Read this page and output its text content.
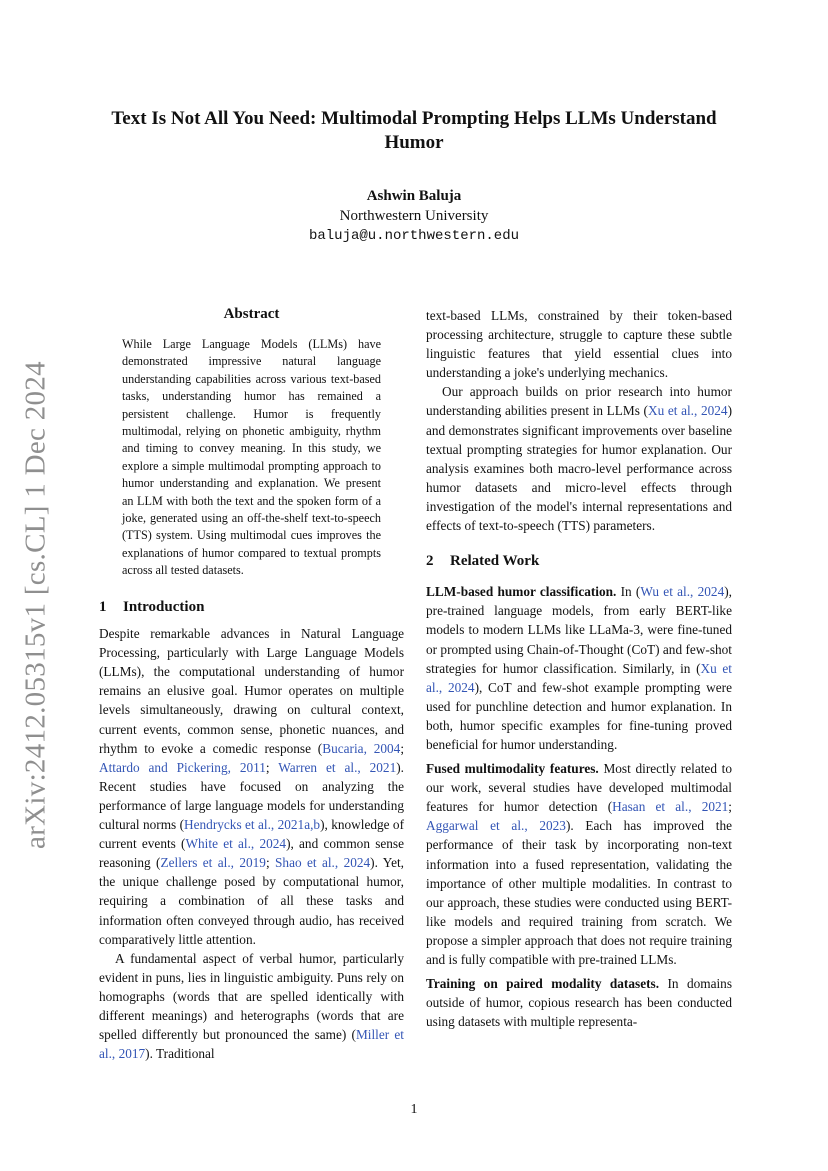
arXiv:2412.05315v1 [cs.CL] 1 Dec 2024
Text Is Not All You Need: Multimodal Prompting Helps LLMs Understand Humor
Ashwin Baluja
Northwestern University
baluja@u.northwestern.edu
Abstract
While Large Language Models (LLMs) have demonstrated impressive natural language understanding capabilities across various text-based tasks, understanding humor has remained a persistent challenge. Humor is frequently multimodal, relying on phonetic ambiguity, rhythm and timing to convey meaning. In this study, we explore a simple multimodal prompting approach to humor understanding and explanation. We present an LLM with both the text and the spoken form of a joke, generated using an off-the-shelf text-to-speech (TTS) system. Using multimodal cues improves the explanations of humor compared to textual prompts across all tested datasets.
1 Introduction

Despite remarkable advances in Natural Language Processing, particularly with Large Language Models (LLMs), the computational understanding of humor remains an elusive goal. Humor operates on multiple levels simultaneously, drawing on cultural context, current events, common sense, phonetic nuances, and rhythm to evoke a comedic response (Bucaria, 2004; Attardo and Pickering, 2011; Warren et al., 2021). Recent studies have focused on analyzing the performance of large language models for understanding cultural norms (Hendrycks et al., 2021a,b), knowledge of current events (White et al., 2024), and common sense reasoning (Zellers et al., 2019; Shao et al., 2024). Yet, the unique challenge posed by computational humor, requiring a combination of all these tasks and information often conveyed through audio, has received comparatively little attention.

A fundamental aspect of verbal humor, particularly evident in puns, lies in linguistic ambiguity. Puns rely on homographs (words that are spelled identically with different meanings) and heterographs (words that are spelled differently but pronounced the same) (Miller et al., 2017). Traditional

text-based LLMs, constrained by their token-based processing architecture, struggle to capture these subtle linguistic features that yield essential clues into understanding a joke's underlying mechanics.

Our approach builds on prior research into humor understanding abilities present in LLMs (Xu et al., 2024) and demonstrates significant improvements over baseline textual prompting strategies for humor explanation. Our analysis examines both macro-level performance across humor datasets and micro-level effects through investigation of the model's internal representations and effects of text-to-speech (TTS) parameters.

2 Related Work

LLM-based humor classification. In (Wu et al., 2024), pre-trained language models, from early BERT-like models to modern LLMs like LLaMa-3, were fine-tuned or prompted using Chain-of-Thought (CoT) and few-shot strategies for humor classification. Similarly, in (Xu et al., 2024), CoT and few-shot example prompting were used for punchline detection and humor explanation. In both, humor specific examples for fine-tuning proved beneficial for humor understanding.

Fused multimodality features. Most directly related to our work, several studies have developed multimodal features for humor detection (Hasan et al., 2021; Aggarwal et al., 2023). Each has improved the performance of their task by incorporating non-text information into a fused representation, validating the importance of other multiple modalities. In contrast to our approach, these studies were conducted using BERT-like models and required training from scratch. We propose a simpler approach that does not require training and is fully compatible with pre-trained LLMs.

Training on paired modality datasets. In domains outside of humor, copious research has been conducted using datasets with multiple representa-

1
